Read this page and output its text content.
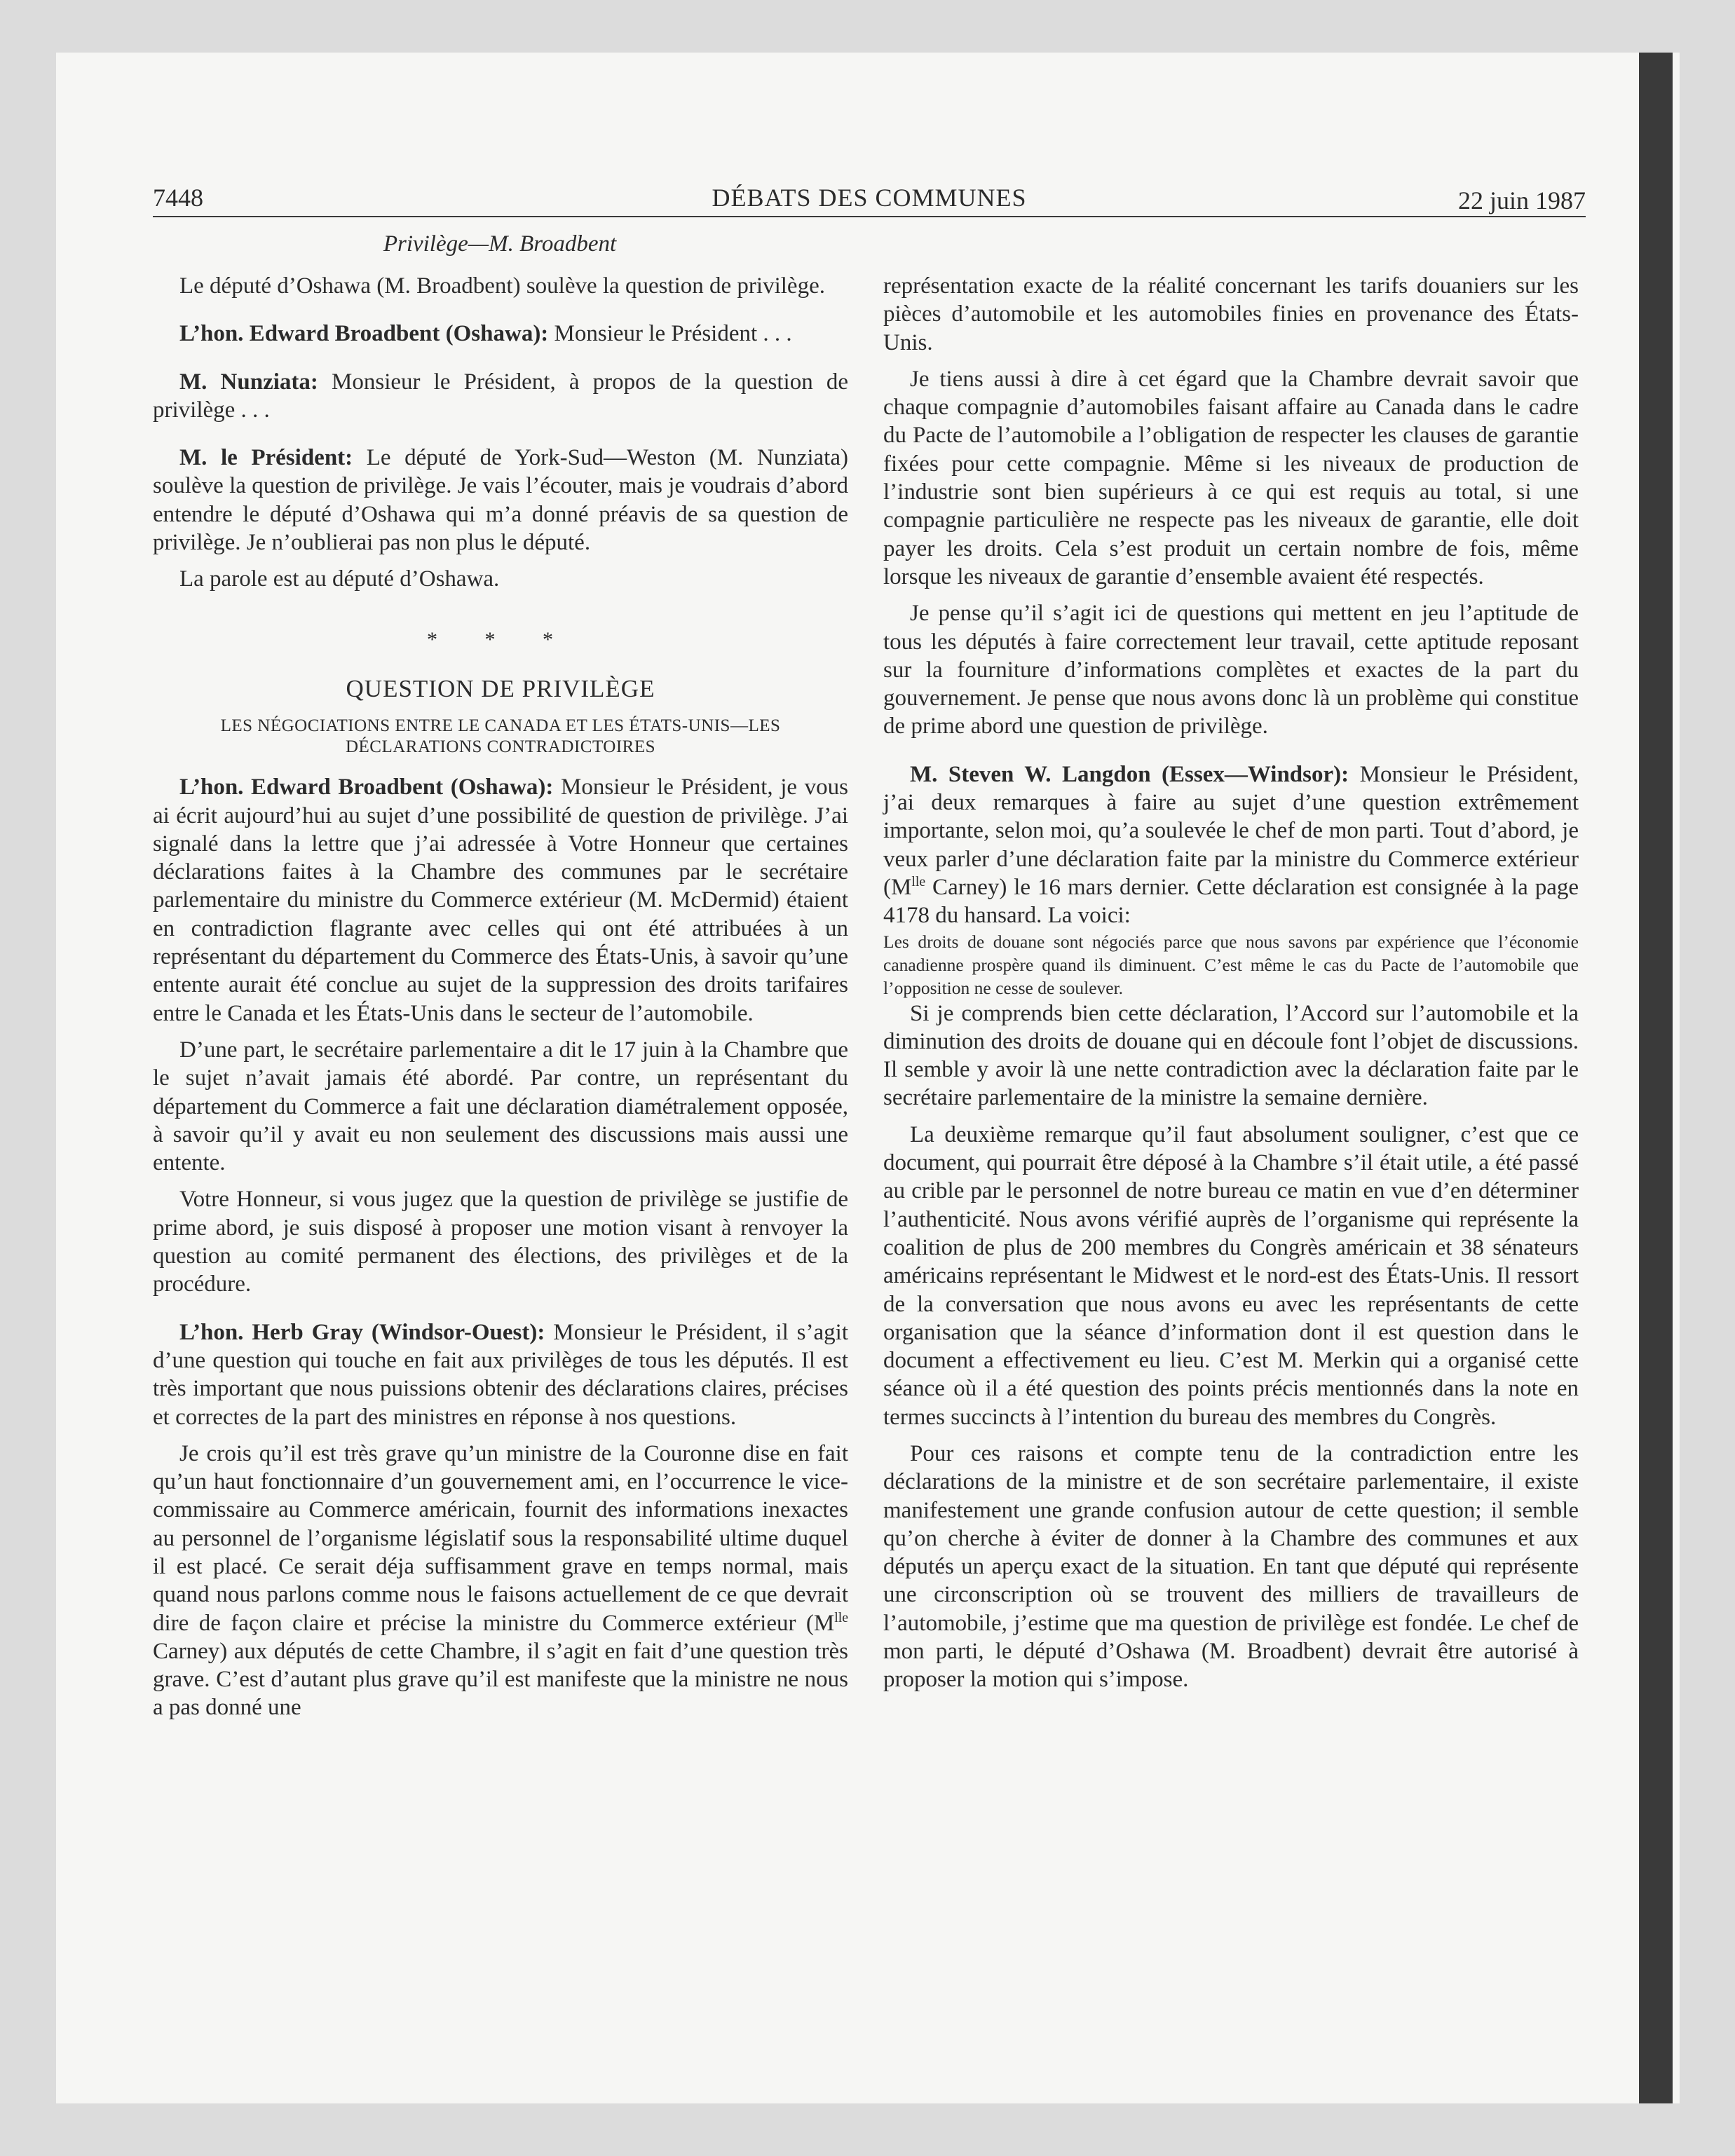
7448	DÉBATS DES COMMUNES	22 juin 1987
Privilège—M. Broadbent

Le député d’Oshawa (M. Broadbent) soulève la question de privilège.

L’hon. Edward Broadbent (Oshawa): Monsieur le Président . . .

M. Nunziata: Monsieur le Président, à propos de la question de privilège . . .

M. le Président: Le député de York-Sud—Weston (M. Nunziata) soulève la question de privilège. Je vais l’écouter, mais je voudrais d’abord entendre le député d’Oshawa qui m’a donné préavis de sa question de privilège. Je n’oublierai pas non plus le député.

La parole est au député d’Oshawa.

* * *
QUESTION DE PRIVILÈGE
LES NÉGOCIATIONS ENTRE LE CANADA ET LES ÉTATS-UNIS—LES DÉCLARATIONS CONTRADICTOIRES

L’hon. Edward Broadbent (Oshawa): Monsieur le Président, je vous ai écrit aujourd’hui au sujet d’une possibilité de question de privilège. J’ai signalé dans la lettre que j’ai adressée à Votre Honneur que certaines déclarations faites à la Chambre des communes par le secrétaire parlementaire du ministre du Commerce extérieur (M. McDermid) étaient en contradiction flagrante avec celles qui ont été attribuées à un représentant du département du Commerce des États-Unis, à savoir qu’une entente aurait été conclue au sujet de la suppression des droits tarifaires entre le Canada et les États-Unis dans le secteur de l’automobile.

D’une part, le secrétaire parlementaire a dit le 17 juin à la Chambre que le sujet n’avait jamais été abordé. Par contre, un représentant du département du Commerce a fait une déclaration diamétralement opposée, à savoir qu’il y avait eu non seulement des discussions mais aussi une entente.

Votre Honneur, si vous jugez que la question de privilège se justifie de prime abord, je suis disposé à proposer une motion visant à renvoyer la question au comité permanent des élections, des privilèges et de la procédure.

L’hon. Herb Gray (Windsor-Ouest): Monsieur le Président, il s’agit d’une question qui touche en fait aux privilèges de tous les députés. Il est très important que nous puissions obtenir des déclarations claires, précises et correctes de la part des ministres en réponse à nos questions.

Je crois qu’il est très grave qu’un ministre de la Couronne dise en fait qu’un haut fonctionnaire d’un gouvernement ami, en l’occurrence le vice-commissaire au Commerce américain, fournit des informations inexactes au personnel de l’organisme législatif sous la responsabilité ultime duquel il est placé. Ce serait déja suffisamment grave en temps normal, mais quand nous parlons comme nous le faisons actuellement de ce que devrait dire de façon claire et précise la ministre du Commerce extérieur ($M^{lle}$ Carney) aux députés de cette Chambre, il s’agit en fait d’une question très grave. C’est d’autant plus grave qu’il est manifeste que la ministre ne nous a pas donné une

représentation exacte de la réalité concernant les tarifs douaniers sur les pièces d’automobile et les automobiles finies en provenance des États-Unis.

Je tiens aussi à dire à cet égard que la Chambre devrait savoir que chaque compagnie d’automobiles faisant affaire au Canada dans le cadre du Pacte de l’automobile a l’obligation de respecter les clauses de garantie fixées pour cette compagnie. Même si les niveaux de production de l’industrie sont bien supérieurs à ce qui est requis au total, si une compagnie particulière ne respecte pas les niveaux de garantie, elle doit payer les droits. Cela s’est produit un certain nombre de fois, même lorsque les niveaux de garantie d’ensemble avaient été respectés.

Je pense qu’il s’agit ici de questions qui mettent en jeu l’aptitude de tous les députés à faire correctement leur travail, cette aptitude reposant sur la fourniture d’informations complètes et exactes de la part du gouvernement. Je pense que nous avons donc là un problème qui constitue de prime abord une question de privilège.

M. Steven W. Langdon (Essex—Windsor): Monsieur le Président, j’ai deux remarques à faire au sujet d’une question extrêmement importante, selon moi, qu’a soulevée le chef de mon parti. Tout d’abord, je veux parler d’une déclaration faite par la ministre du Commerce extérieur ($M^{lle}$ Carney) le 16 mars dernier. Cette déclaration est consignée à la page 4178 du hansard. La voici:

Les droits de douane sont négociés parce que nous savons par expérience que l’économie canadienne prospère quand ils diminuent. C’est même le cas du Pacte de l’automobile que l’opposition ne cesse de soulever.

Si je comprends bien cette déclaration, l’Accord sur l’automobile et la diminution des droits de douane qui en découle font l’objet de discussions. Il semble y avoir là une nette contradiction avec la déclaration faite par le secrétaire parlementaire de la ministre la semaine dernière.

La deuxième remarque qu’il faut absolument souligner, c’est que ce document, qui pourrait être déposé à la Chambre s’il était utile, a été passé au crible par le personnel de notre bureau ce matin en vue d’en déterminer l’authenticité. Nous avons vérifié auprès de l’organisme qui représente la coalition de plus de 200 membres du Congrès américain et 38 sénateurs américains représentant le Midwest et le nord-est des États-Unis. Il ressort de la conversation que nous avons eu avec les représentants de cette organisation que la séance d’information dont il est question dans le document a effectivement eu lieu. C’est M. Merkin qui a organisé cette séance où il a été question des points précis mentionnés dans la note en termes succincts à l’intention du bureau des membres du Congrès.

Pour ces raisons et compte tenu de la contradiction entre les déclarations de la ministre et de son secrétaire parlementaire, il existe manifestement une grande confusion autour de cette question; il semble qu’on cherche à éviter de donner à la Chambre des communes et aux députés un aperçu exact de la situation. En tant que député qui représente une circonscription où se trouvent des milliers de travailleurs de l’automobile, j’estime que ma question de privilège est fondée. Le chef de mon parti, le député d’Oshawa (M. Broadbent) devrait être autorisé à proposer la motion qui s’impose.
